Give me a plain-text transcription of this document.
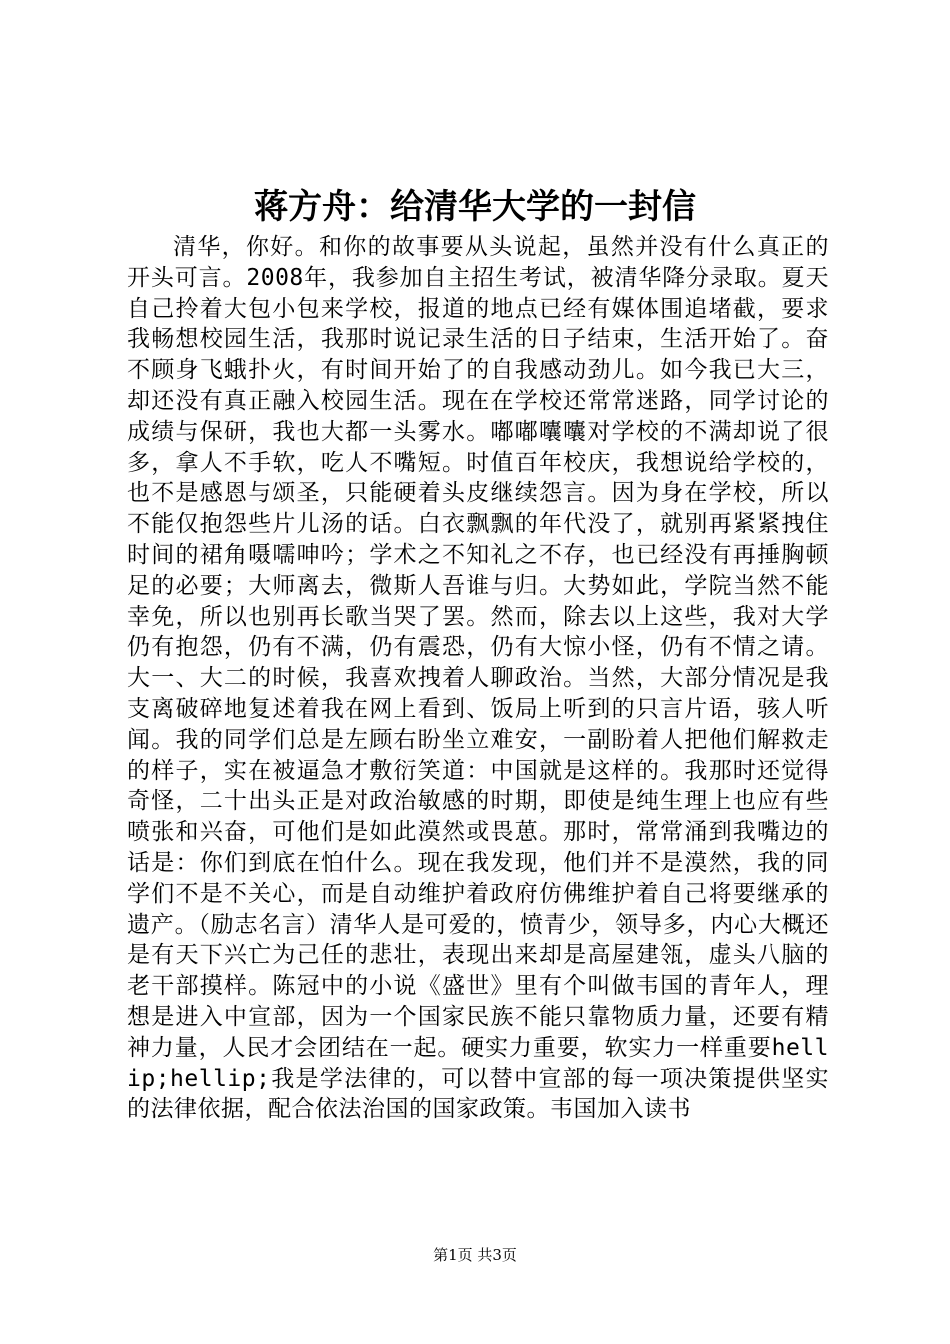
蒋方舟：给清华大学的一封信

清华，你好。和你的故事要从头说起，虽然并没有什么真正的开头可言。2008年，我参加自主招生考试，被清华降分录取。夏天自己拎着大包小包来学校，报道的地点已经有媒体围追堵截，要求我畅想校园生活，我那时说记录生活的日子结束，生活开始了。奋不顾身飞蛾扑火，有时间开始了的自我感动劲儿。如今我已大三，却还没有真正融入校园生活。现在在学校还常常迷路，同学讨论的成绩与保研，我也大都一头雾水。嘟嘟囔囔对学校的不满却说了很多，拿人不手软，吃人不嘴短。时值百年校庆，我想说给学校的，也不是感恩与颂圣，只能硬着头皮继续怨言。因为身在学校，所以不能仅抱怨些片儿汤的话。白衣飘飘的年代没了，就别再紧紧拽住时间的裙角嗫嚅呻吟；学术之不知礼之不存，也已经没有再捶胸顿足的必要；大师离去，微斯人吾谁与归。大势如此，学院当然不能幸免，所以也别再长歌当哭了罢。然而，除去以上这些，我对大学仍有抱怨，仍有不满，仍有震恐，仍有大惊小怪，仍有不情之请。大一、大二的时候，我喜欢拽着人聊政治。当然，大部分情况是我支离破碎地复述着我在网上看到、饭局上听到的只言片语，骇人听闻。我的同学们总是左顾右盼坐立难安，一副盼着人把他们解救走的样子，实在被逼急才敷衍笑道：中国就是这样的。我那时还觉得奇怪，二十出头正是对政治敏感的时期，即使是纯生理上也应有些喷张和兴奋，可他们是如此漠然或畏葸。那时，常常涌到我嘴边的话是：你们到底在怕什么。现在我发现，他们并不是漠然，我的同学们不是不关心，而是自动维护着政府仿佛维护着自己将要继承的遗产。（励志名言）清华人是可爱的，愤青少，领导多，内心大概还是有天下兴亡为己任的悲壮，表现出来却是高屋建瓴，虚头八脑的老干部摸样。陈冠中的小说《盛世》里有个叫做韦国的青年人，理想是进入中宣部，因为一个国家民族不能只靠物质力量，还要有精神力量，人民才会团结在一起。硬实力重要，软实力一样重要hellip;hellip;我是学法律的，可以替中宣部的每一项决策提供坚实的法律依据，配合依法治国的国家政策。韦国加入读书

第1页 共3页
